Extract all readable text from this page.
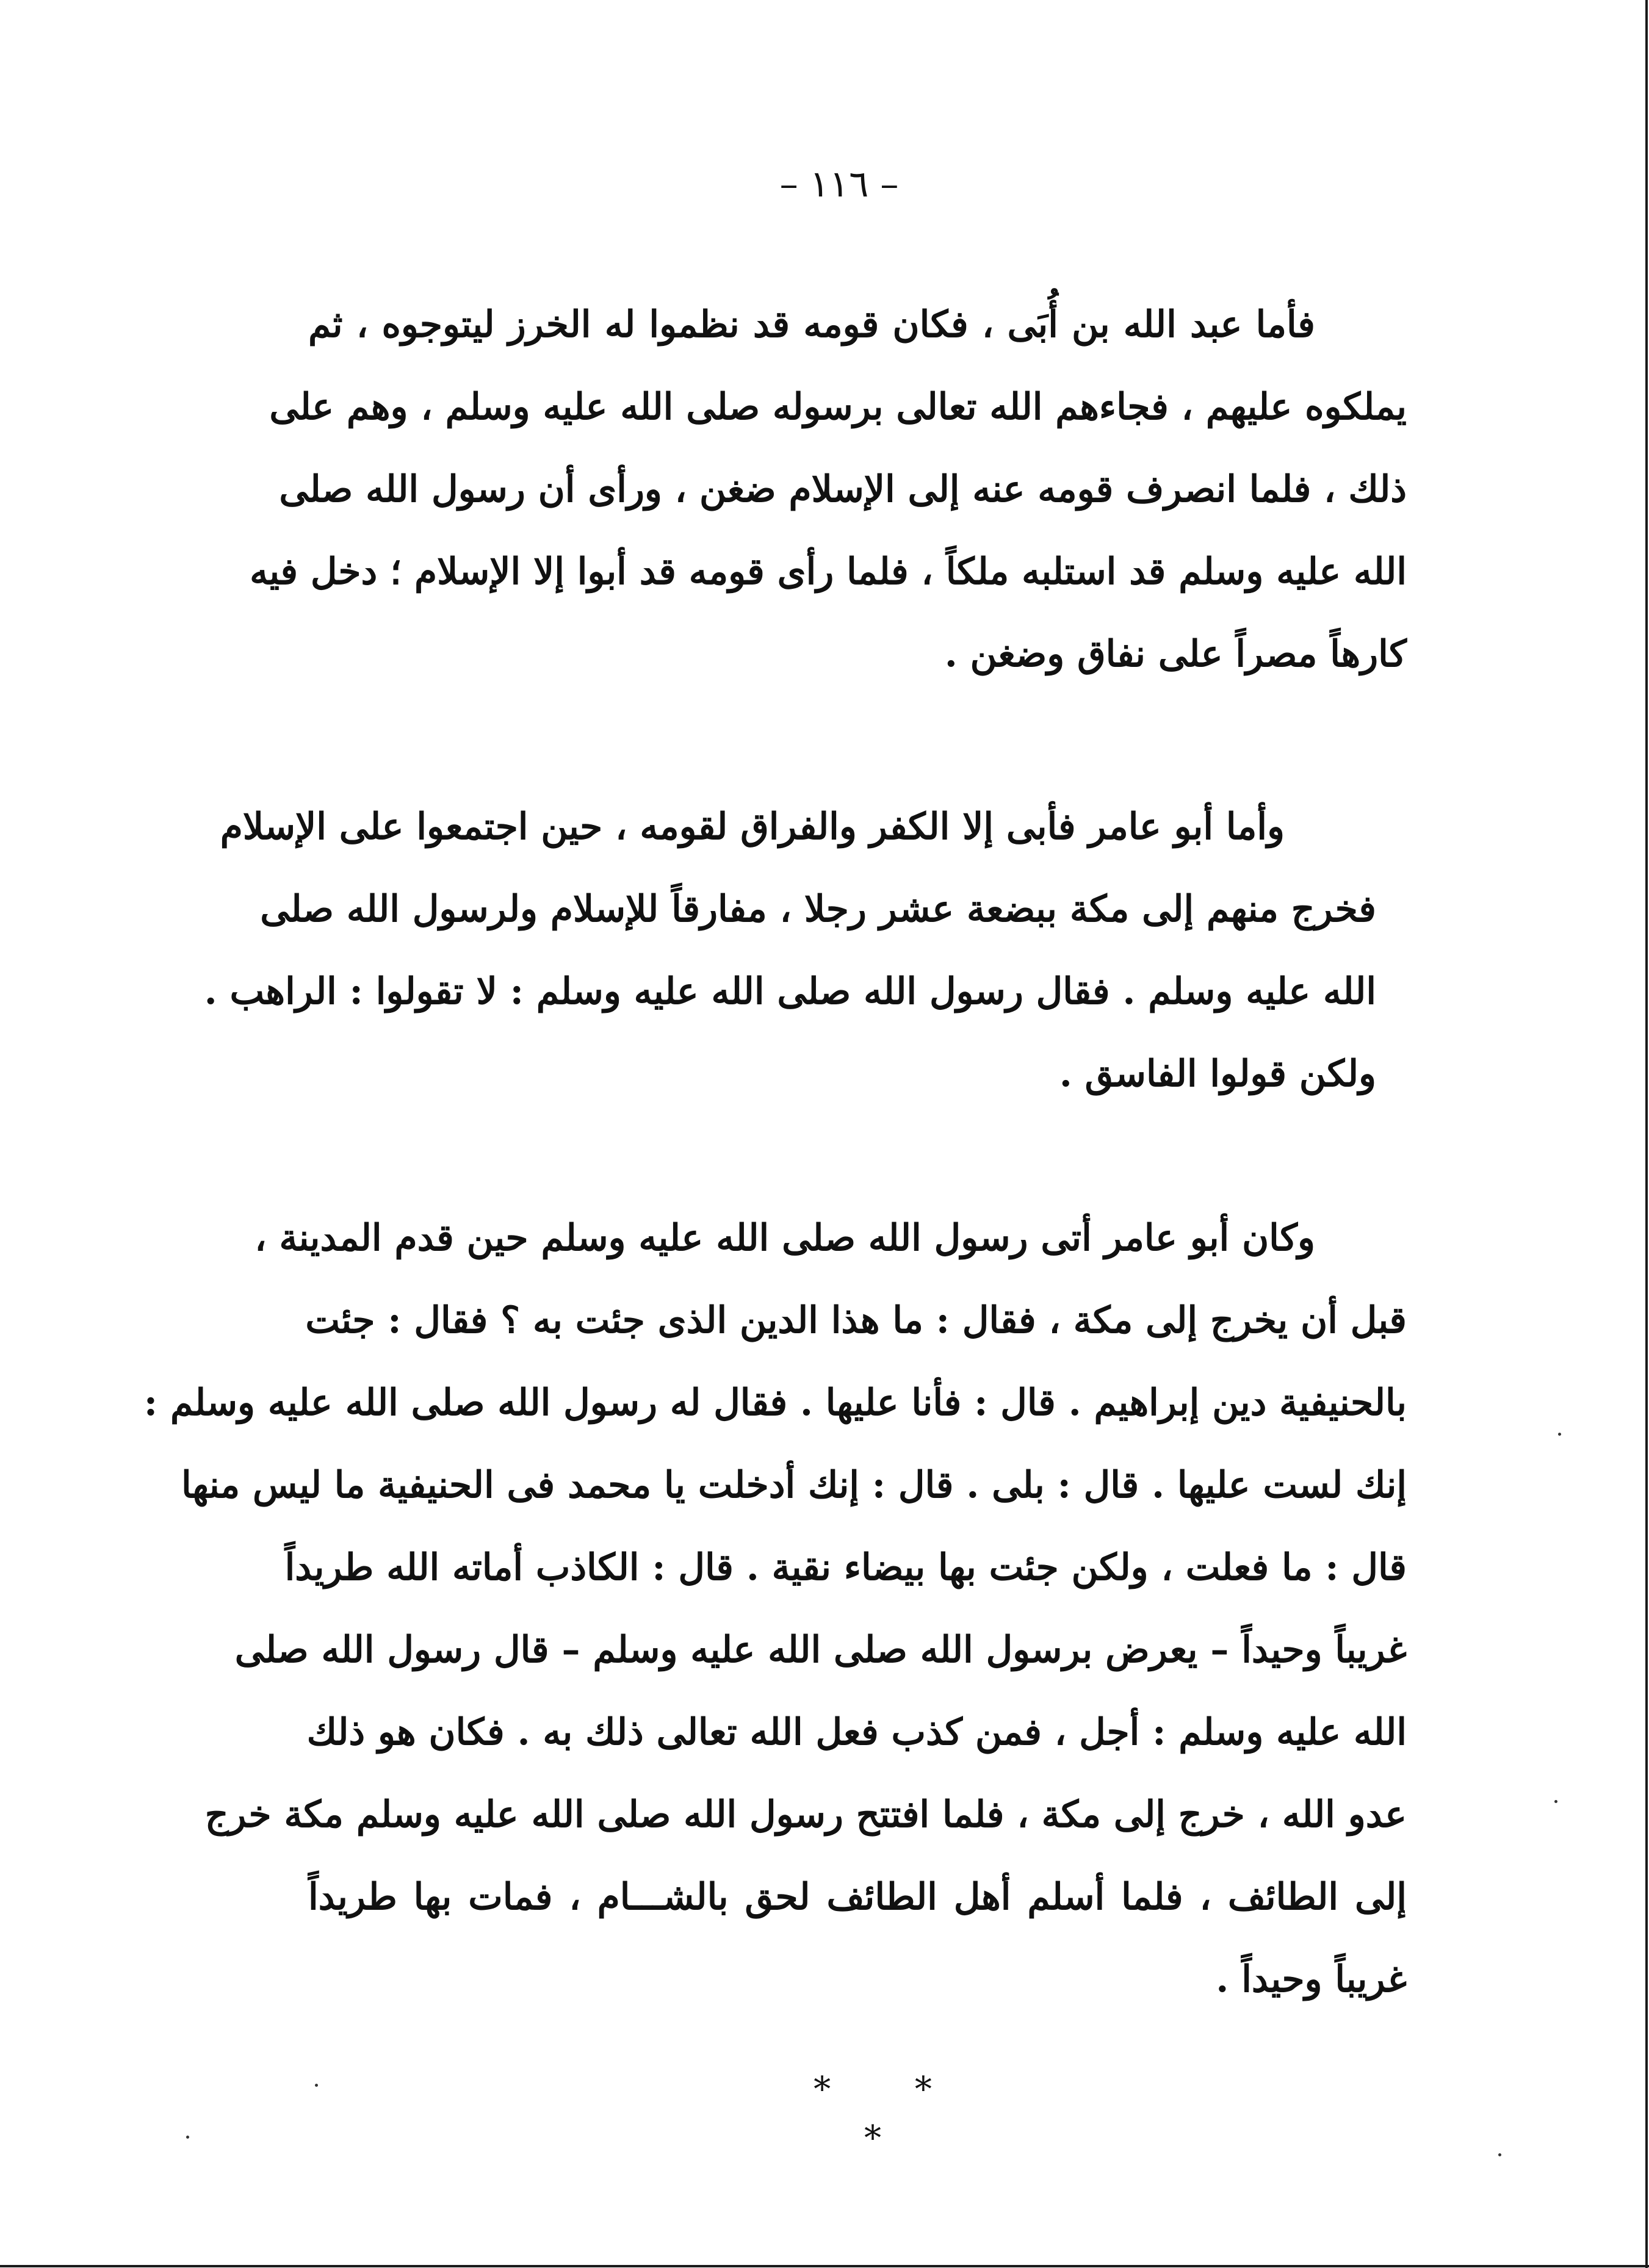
– ١١٦ –
فأما عبد الله بن أُبَى ، فكان قومه قد نظموا له الخرز ليتوجوه ، ثم
يملكوه عليهم ، فجاءهم الله تعالى برسوله صلى الله عليه وسلم ، وهم على
ذلك ، فلما انصرف قومه عنه إلى الإسلام ضغن ، ورأى أن رسول الله صلى
الله عليه وسلم قد استلبه ملكاً ، فلما رأى قومه قد أبوا إلا الإسلام ؛ دخل فيه
كارهاً مصراً على نفاق وضغن .
وأما أبو عامر فأبى إلا الكفر والفراق لقومه ، حين اجتمعوا على الإسلام
فخرج منهم إلى مكة ببضعة عشر رجلا ، مفارقاً للإسلام ولرسول الله صلى
الله عليه وسلم . فقال رسول الله صلى الله عليه وسلم : لا تقولوا : الراهب .
ولكن قولوا الفاسق .
وكان أبو عامر أتى رسول الله صلى الله عليه وسلم حين قدم المدينة ،
قبل أن يخرج إلى مكة ، فقال : ما هذا الدين الذى جئت به ؟ فقال : جئت
بالحنيفية دين إبراهيم . قال : فأنا عليها . فقال له رسول الله صلى الله عليه وسلم :
إنك لست عليها . قال : بلى . قال : إنك أدخلت يا محمد فى الحنيفية ما ليس منها
قال : ما فعلت ، ولكن جئت بها بيضاء نقية . قال : الكاذب أماته الله طريداً
غريباً وحيداً – يعرض برسول الله صلى الله عليه وسلم – قال رسول الله صلى
الله عليه وسلم : أجل ، فمن كذب فعل الله تعالى ذلك به . فكان هو ذلك
عدو الله ، خرج إلى مكة ، فلما افتتح رسول الله صلى الله عليه وسلم مكة خرج
إلى الطائف ، فلما أسلم أهل الطائف لحق بالشـــام ، فمات بها طريداً
غريباً وحيداً .
* * *
